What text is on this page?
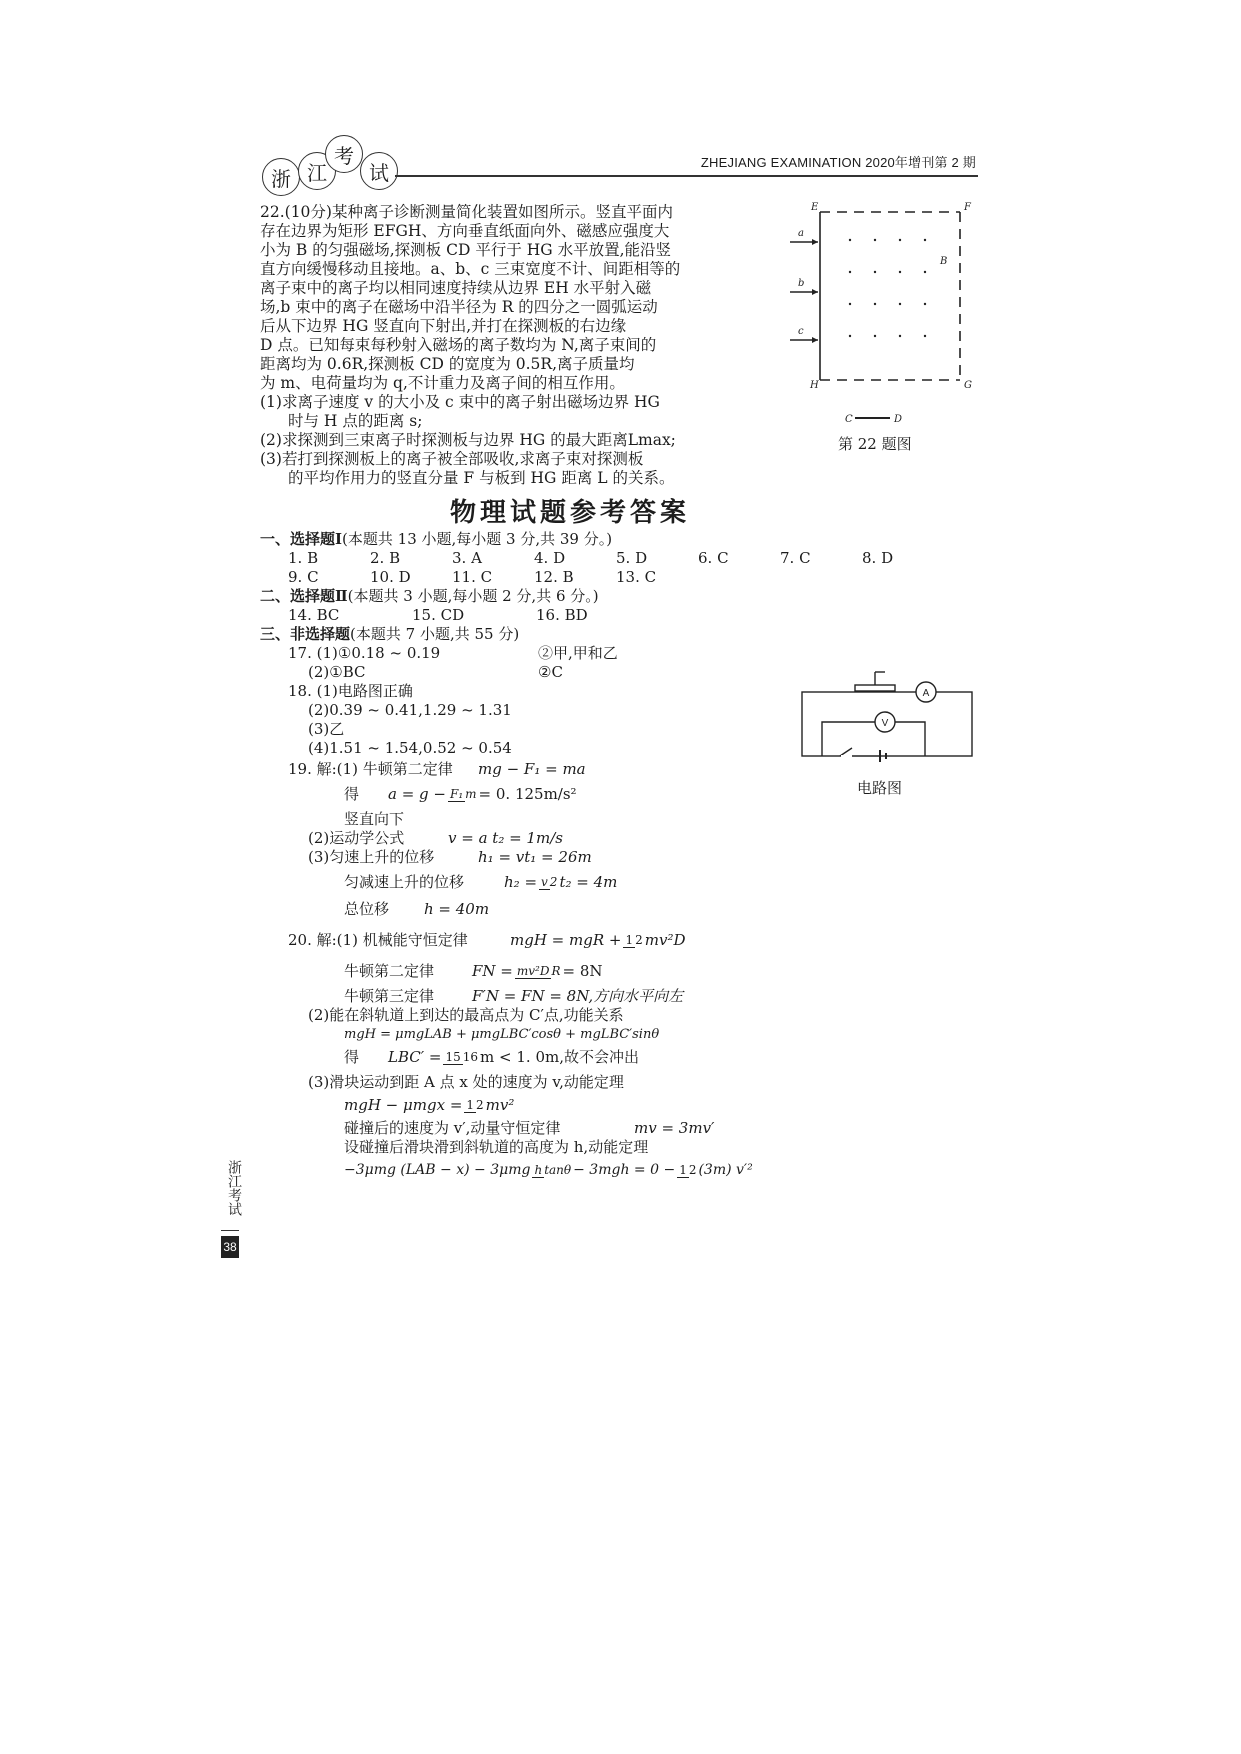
浙 江
考
试	ZHEJIANG EXAMINATION 2020年增刊第 2 期

22.(10分)某种离子诊断测量简化装置如图所示。竖直平面内

存在边界为矩形 EFGH、方向垂直纸面向外、磁感应强度大

小为 B 的匀强磁场,探测板 CD 平行于 HG 水平放置,能沿竖

直方向缓慢移动且接地。a、b、c 三束宽度不计、间距相等的

离子束中的离子均以相同速度持续从边界 EH 水平射入磁

场,b 束中的离子在磁场中沿半径为 R 的四分之一圆弧运动

后从下边界 HG 竖直向下射出,并打在探测板的右边缘

D 点。已知每束每秒射入磁场的离子数均为 N,离子束间的

距离均为 0.6R,探测板 CD 的宽度为 0.5R,离子质量均

为 m、电荷量均为 q,不计重力及离子间的相互作用。

(1)求离子速度 v 的大小及 c 束中的离子射出磁场边界 HG

时与 H 点的距离 s;

(2)求探测到三束离子时探测板与边界 HG 的最大距离Lmax;

(3)若打到探测板上的离子被全部吸收,求离子束对探测板

的平均作用力的竖直分量 F 与板到 HG 距离 L 的关系。

E	F
G
H
a
b
c
B
C	D
第 22 题图
物理试题参考答案
一、选择题Ⅰ (本题共 13 小题,每小题 3 分,共 39 分。)
1. B	2. B	3. A	4. D	5. D	6. C	7. C	8. D
9. C	10. D	11. C	12. B	13. C
二、选择题Ⅱ (本题共 3 小题,每小题 2 分,共 6 分。)
14. BC	15. CD	16. BD
三、非选择题 (本题共 7 小题,共 55 分)
17. (1)①0.18 ~ 0.19	②甲,甲和乙
(2)①BC	②C
18. (1)电路图正确
(2)0.39 ~ 0.41,1.29 ~ 1.31
(3)乙
(4)1.51 ~ 1.54,0.52 ~ 0.54
19. 解:(1) 牛顿第二定律	mg − F₁ = ma
得	a = g − F₁ m = 0. 125m/s²
竖直向下
(2)运动学公式	v = a t₂ = 1m/s
(3)匀速上升的位移	h₁ = vt₁ = 26m
匀减速上升的位移	h₂ = v 2 t₂ = 4m
总位移	h = 40m
20. 解:(1) 机械能守恒定律	mgH = mgR + 1 2 mv²D
牛顿第二定律	FN = mv²D R = 8N
牛顿第三定律	F′N = FN = 8N,方向水平向左
(2)能在斜轨道上到达的最高点为 C′点,功能关系
mgH = μmgLAB + μmgLBC′cosθ + mgLBC′sinθ
得	LBC′ = 15 16 m < 1. 0m,故不会冲出
(3)滑块运动到距 A 点 x 处的速度为 v,动能定理
mgH − μmgx = 1 2 mv²
碰撞后的速度为 v′,动量守恒定律	mv = 3mv′
设碰撞后滑块滑到斜轨道的高度为 h,动能定理
−3μmg (LAB − x) − 3μmg h tanθ − 3mgh = 0 − 1 2 (3m) v′²
A
V
电路图
浙江考试
38
